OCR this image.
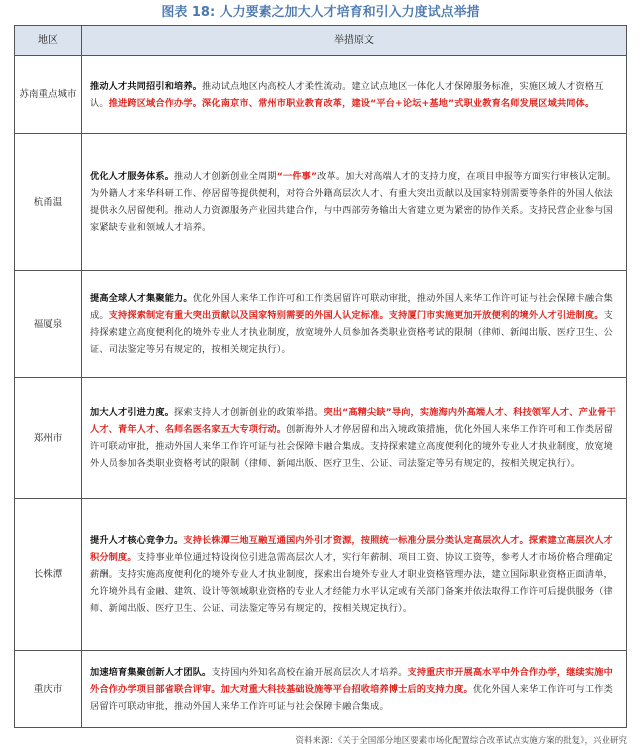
图表 18: 人力要素之加大人才培育和引入力度试点举措
地区	举措原文
苏南重点城市	推动人才共同招引和培养。推动试点地区内高校人才柔性流动。建立试点地区一体化人才保障服务标准，实施区域人才资格互认。推进跨区域合作办学。深化南京市、常州市职业教育改革，建设“平台+论坛+基地”式职业教育名师发展区域共同体。
杭甬温	优化人才服务体系。推动人才创新创业全周期“一件事”改革。加大对高端人才的支持力度，在项目申报等方面实行审核认定制。为外籍人才来华科研工作、停居留等提供便利，对符合外籍高层次人才、有重大突出贡献以及国家特别需要等条件的外国人依法提供永久居留便利。推动人力资源服务产业园共建合作，与中西部劳务输出大省建立更为紧密的协作关系。支持民营企业参与国家紧缺专业和领域人才培养。
福厦泉	提高全球人才集聚能力。优化外国人来华工作许可和工作类居留许可联动审批，推动外国人来华工作许可证与社会保障卡融合集成。支持探索制定有重大突出贡献以及国家特别需要的外国人认定标准。支持厦门市实施更加开放便利的境外人才引进制度。支持探索建立高度便利化的境外专业人才执业制度，放宽境外人员参加各类职业资格考试的限制（律师、新闻出版、医疗卫生、公证、司法鉴定等另有规定的，按相关规定执行）。
郑州市	加大人才引进力度。探索支持人才创新创业的政策举措。突出“高精尖缺”导向，实施海内外高端人才、科技领军人才、产业骨干人才、青年人才、名师名医名家五大专项行动。创新海外人才停居留和出入境政策措施，优化外国人来华工作许可和工作类居留许可联动审批，推动外国人来华工作许可证与社会保障卡融合集成。支持探索建立高度便利化的境外专业人才执业制度，放宽境外人员参加各类职业资格考试的限制（律师、新闻出版、医疗卫生、公证、司法鉴定等另有规定的，按相关规定执行）。
长株潭	提升人才核心竞争力。支持长株潭三地互融互通国内外引才资源，按照统一标准分层分类认定高层次人才。探索建立高层次人才积分制度。支持事业单位通过特设岗位引进急需高层次人才，实行年薪制、项目工资、协议工资等，参考人才市场价格合理确定薪酬。支持实施高度便利化的境外专业人才执业制度，探索出台境外专业人才职业资格管理办法，建立国际职业资格正面清单，允许境外具有金融、建筑、设计等领域职业资格的专业人才经能力水平认定或有关部门备案并依法取得工作许可后提供服务（律师、新闻出版、医疗卫生、公证、司法鉴定等另有规定的，按相关规定执行）。
重庆市	加速培育集聚创新人才团队。支持国内外知名高校在渝开展高层次人才培养。支持重庆市开展高水平中外合作办学，继续实施中外合作办学项目部省联合评审。加大对重大科技基础设施等平台招收培养博士后的支持力度。优化外国人来华工作许可与工作类居留许可联动审批，推动外国人来华工作许可证与社会保障卡融合集成。
资料来源：《关于全国部分地区要素市场化配置综合改革试点实施方案的批复》，兴业研究
